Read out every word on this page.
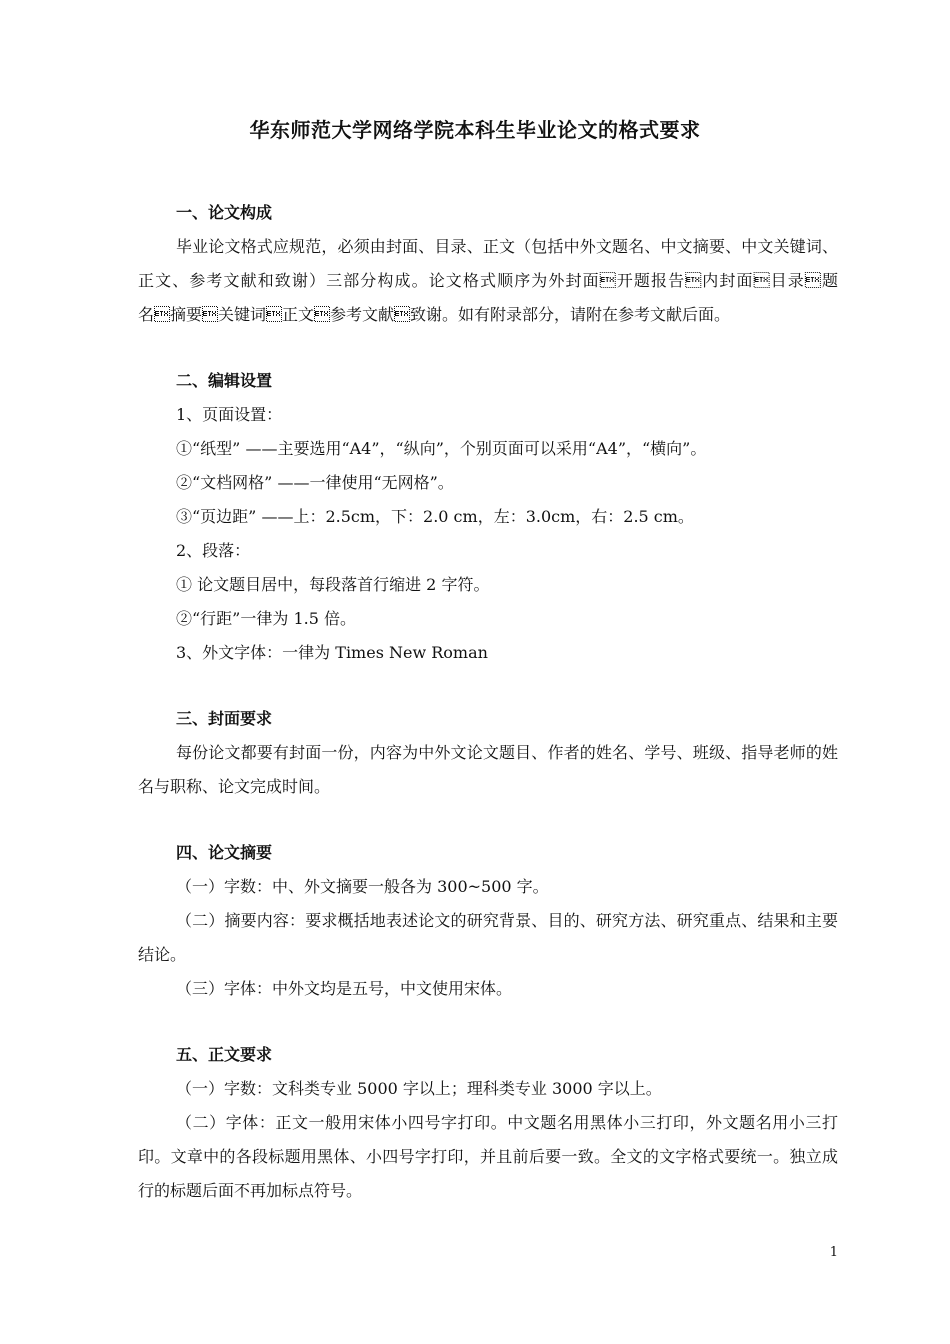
华东师范大学网络学院本科生毕业论文的格式要求
一、论文构成

毕业论文格式应规范，必须由封面、目录、正文（包括中外文题名、中文摘要、中文关键词、正文、参考文献和致谢）三部分构成。论文格式顺序为外封面开题报告内封面目录题名摘要关键词正文参考文献致谢。如有附录部分，请附在参考文献后面。

二、编辑设置

1、页面设置：

①“纸型” ——主要选用“A4”，“纵向”，个别页面可以采用“A4”，“横向”。

②“文档网格” ——一律使用“无网格”。

③“页边距” ——上：2.5cm，下：2.0 cm，左：3.0cm，右：2.5 cm。

2、段落：

① 论文题目居中，每段落首行缩进 2 字符。

②“行距”一律为 1.5 倍。

3、外文字体：一律为 Times New Roman

三、封面要求

每份论文都要有封面一份，内容为中外文论文题目、作者的姓名、学号、班级、指导老师的姓名与职称、论文完成时间。

四、论文摘要

（一）字数：中、外文摘要一般各为 300~500 字。

（二）摘要内容：要求概括地表述论文的研究背景、目的、研究方法、研究重点、结果和主要结论。

（三）字体：中外文均是五号，中文使用宋体。

五、正文要求

（一）字数：文科类专业 5000 字以上；理科类专业 3000 字以上。

（二）字体：正文一般用宋体小四号字打印。中文题名用黑体小三打印，外文题名用小三打印。文章中的各段标题用黑体、小四号字打印，并且前后要一致。全文的文字格式要统一。独立成行的标题后面不再加标点符号。

1
